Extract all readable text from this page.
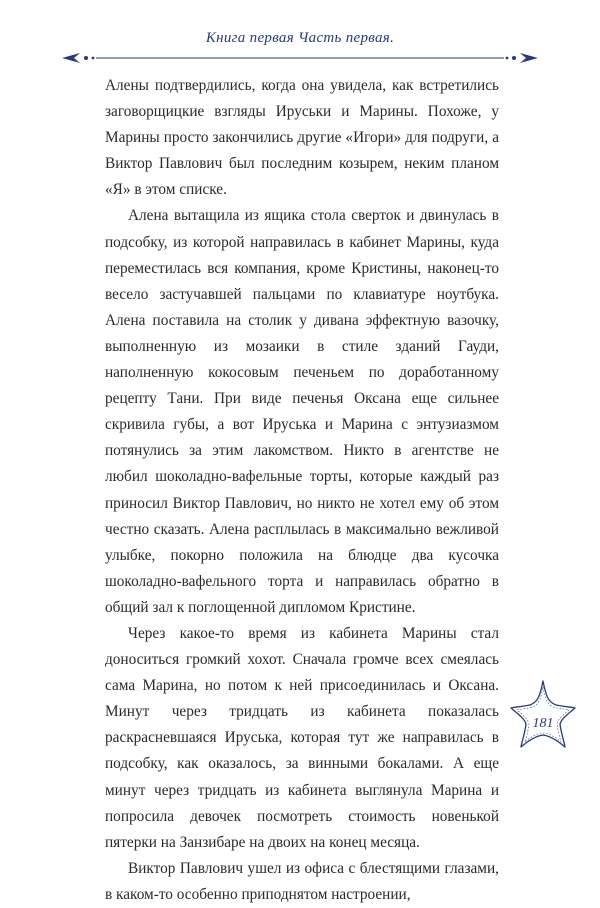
Книга первая Часть первая.

Алены подтвердились, когда она увидела, как встретились заговорщицкие взгляды Ируськи и Марины. Похоже, у Марины просто закончились другие «Игори» для подруги, а Виктор Павлович был последним козырем, неким планом «Я» в этом списке.

Алена вытащила из ящика стола сверток и двинулась в подсобку, из которой направилась в кабинет Марины, куда переместилась вся компания, кроме Кристины, наконец-то весело застучавшей пальцами по клавиатуре ноутбука. Алена поставила на столик у дивана эффектную вазочку, выполненную из мозаики в стиле зданий Гауди, наполненную кокосовым печеньем по доработанному рецепту Тани. При виде печенья Оксана еще сильнее скривила губы, а вот Ируська и Марина с энтузиазмом потянулись за этим лакомством. Никто в агентстве не любил шоколадно-вафельные торты, которые каждый раз приносил Виктор Павлович, но никто не хотел ему об этом честно сказать. Алена расплылась в максимально вежливой улыбке, покорно положила на блюдце два кусочка шоколадно-вафельного торта и направилась обратно в общий зал к поглощенной дипломом Кристине.

Через какое-то время из кабинета Марины стал доноситься громкий хохот. Сначала громче всех смеялась сама Марина, но потом к ней присоединилась и Оксана. Минут через тридцать из кабинета показалась раскрасневшаяся Ируська, которая тут же направилась в подсобку, как оказалось, за винными бокалами. А еще минут через тридцать из кабинета выглянула Марина и попросила девочек посмотреть стоимость новенькой пятерки на Занзибаре на двоих на конец месяца.

Виктор Павлович ушел из офиса с блестящими глазами, в каком-то особенно приподнятом настроении,

181
